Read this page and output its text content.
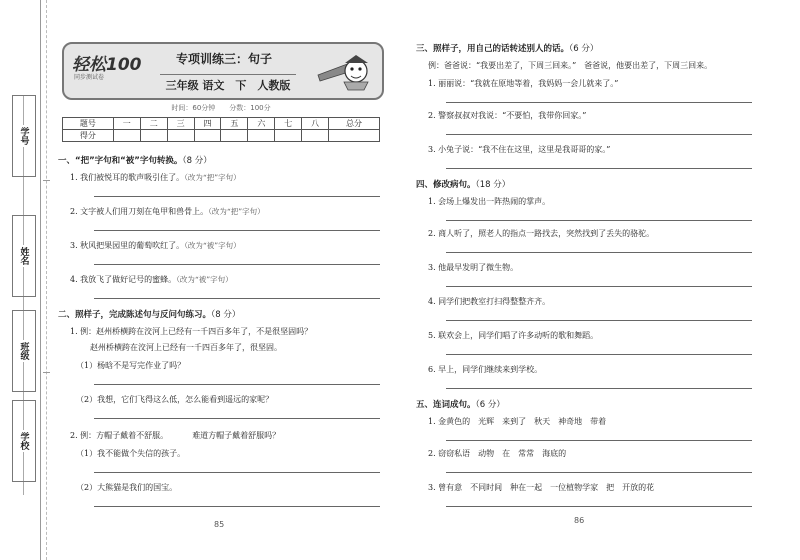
学号
姓名
班级
学校
轻松100
同步测试卷
专项训练三：句子
三年级 语文　下　人教版
时间：60分钟　　分数：100分
题号	一	二	三	四	五	六	七	八	总分
得分									
一、“把”字句和“被”字句转换。（8 分）
1. 我们被悦耳的歌声吸引住了。（改为“把”字句）
2. 文字被人们用刀刻在龟甲和兽骨上。（改为“把”字句）
3. 秋风把果园里的葡萄吹红了。（改为“被”字句）
4. 我放飞了做好记号的蜜蜂。（改为“被”字句）
二、照样子，完成陈述句与反问句练习。（8 分）
1. 例：赵州桥横跨在洨河上已经有一千四百多年了，不是很坚固吗？
赵州桥横跨在洨河上已经有一千四百多年了，很坚固。
（1）杨晗不是写完作业了吗？
（2）我想，它们飞得这么低，怎么能看到遥远的家呢？
2. 例：方帽子戴着不舒服。	难道方帽子戴着舒服吗？
（1）我不能做个失信的孩子。
（2）大熊猫是我们的国宝。
85
三、照样子，用自己的话转述别人的话。（6 分）
例：爸爸说：“我要出差了，下周三回来。”　爸爸说，他要出差了，下周三回来。
1. 丽丽说：“我就在原地等着，我妈妈一会儿就来了。”
2. 警察叔叔对我说：“不要怕，我带你回家。”
3. 小兔子说：“我不住在这里，这里是我哥哥的家。”
四、修改病句。（18 分）
1. 会场上爆发出一阵热闹的掌声。
2. 商人听了，照老人的指点一路找去，突然找到了丢失的骆驼。
3. 他最早发明了微生物。
4. 同学们把教室打扫得整整齐齐。
5. 联欢会上，同学们唱了许多动听的歌和舞蹈。
6. 早上，同学们继续来到学校。
五、连词成句。（6 分）
1. 金黄色的　光辉　来到了　秋天　神奇地　带着
2. 窃窃私语　动物　在　常常　海底的
3. 曾有意　不同时间　种在一起　一位植物学家　把　开放的花
86
